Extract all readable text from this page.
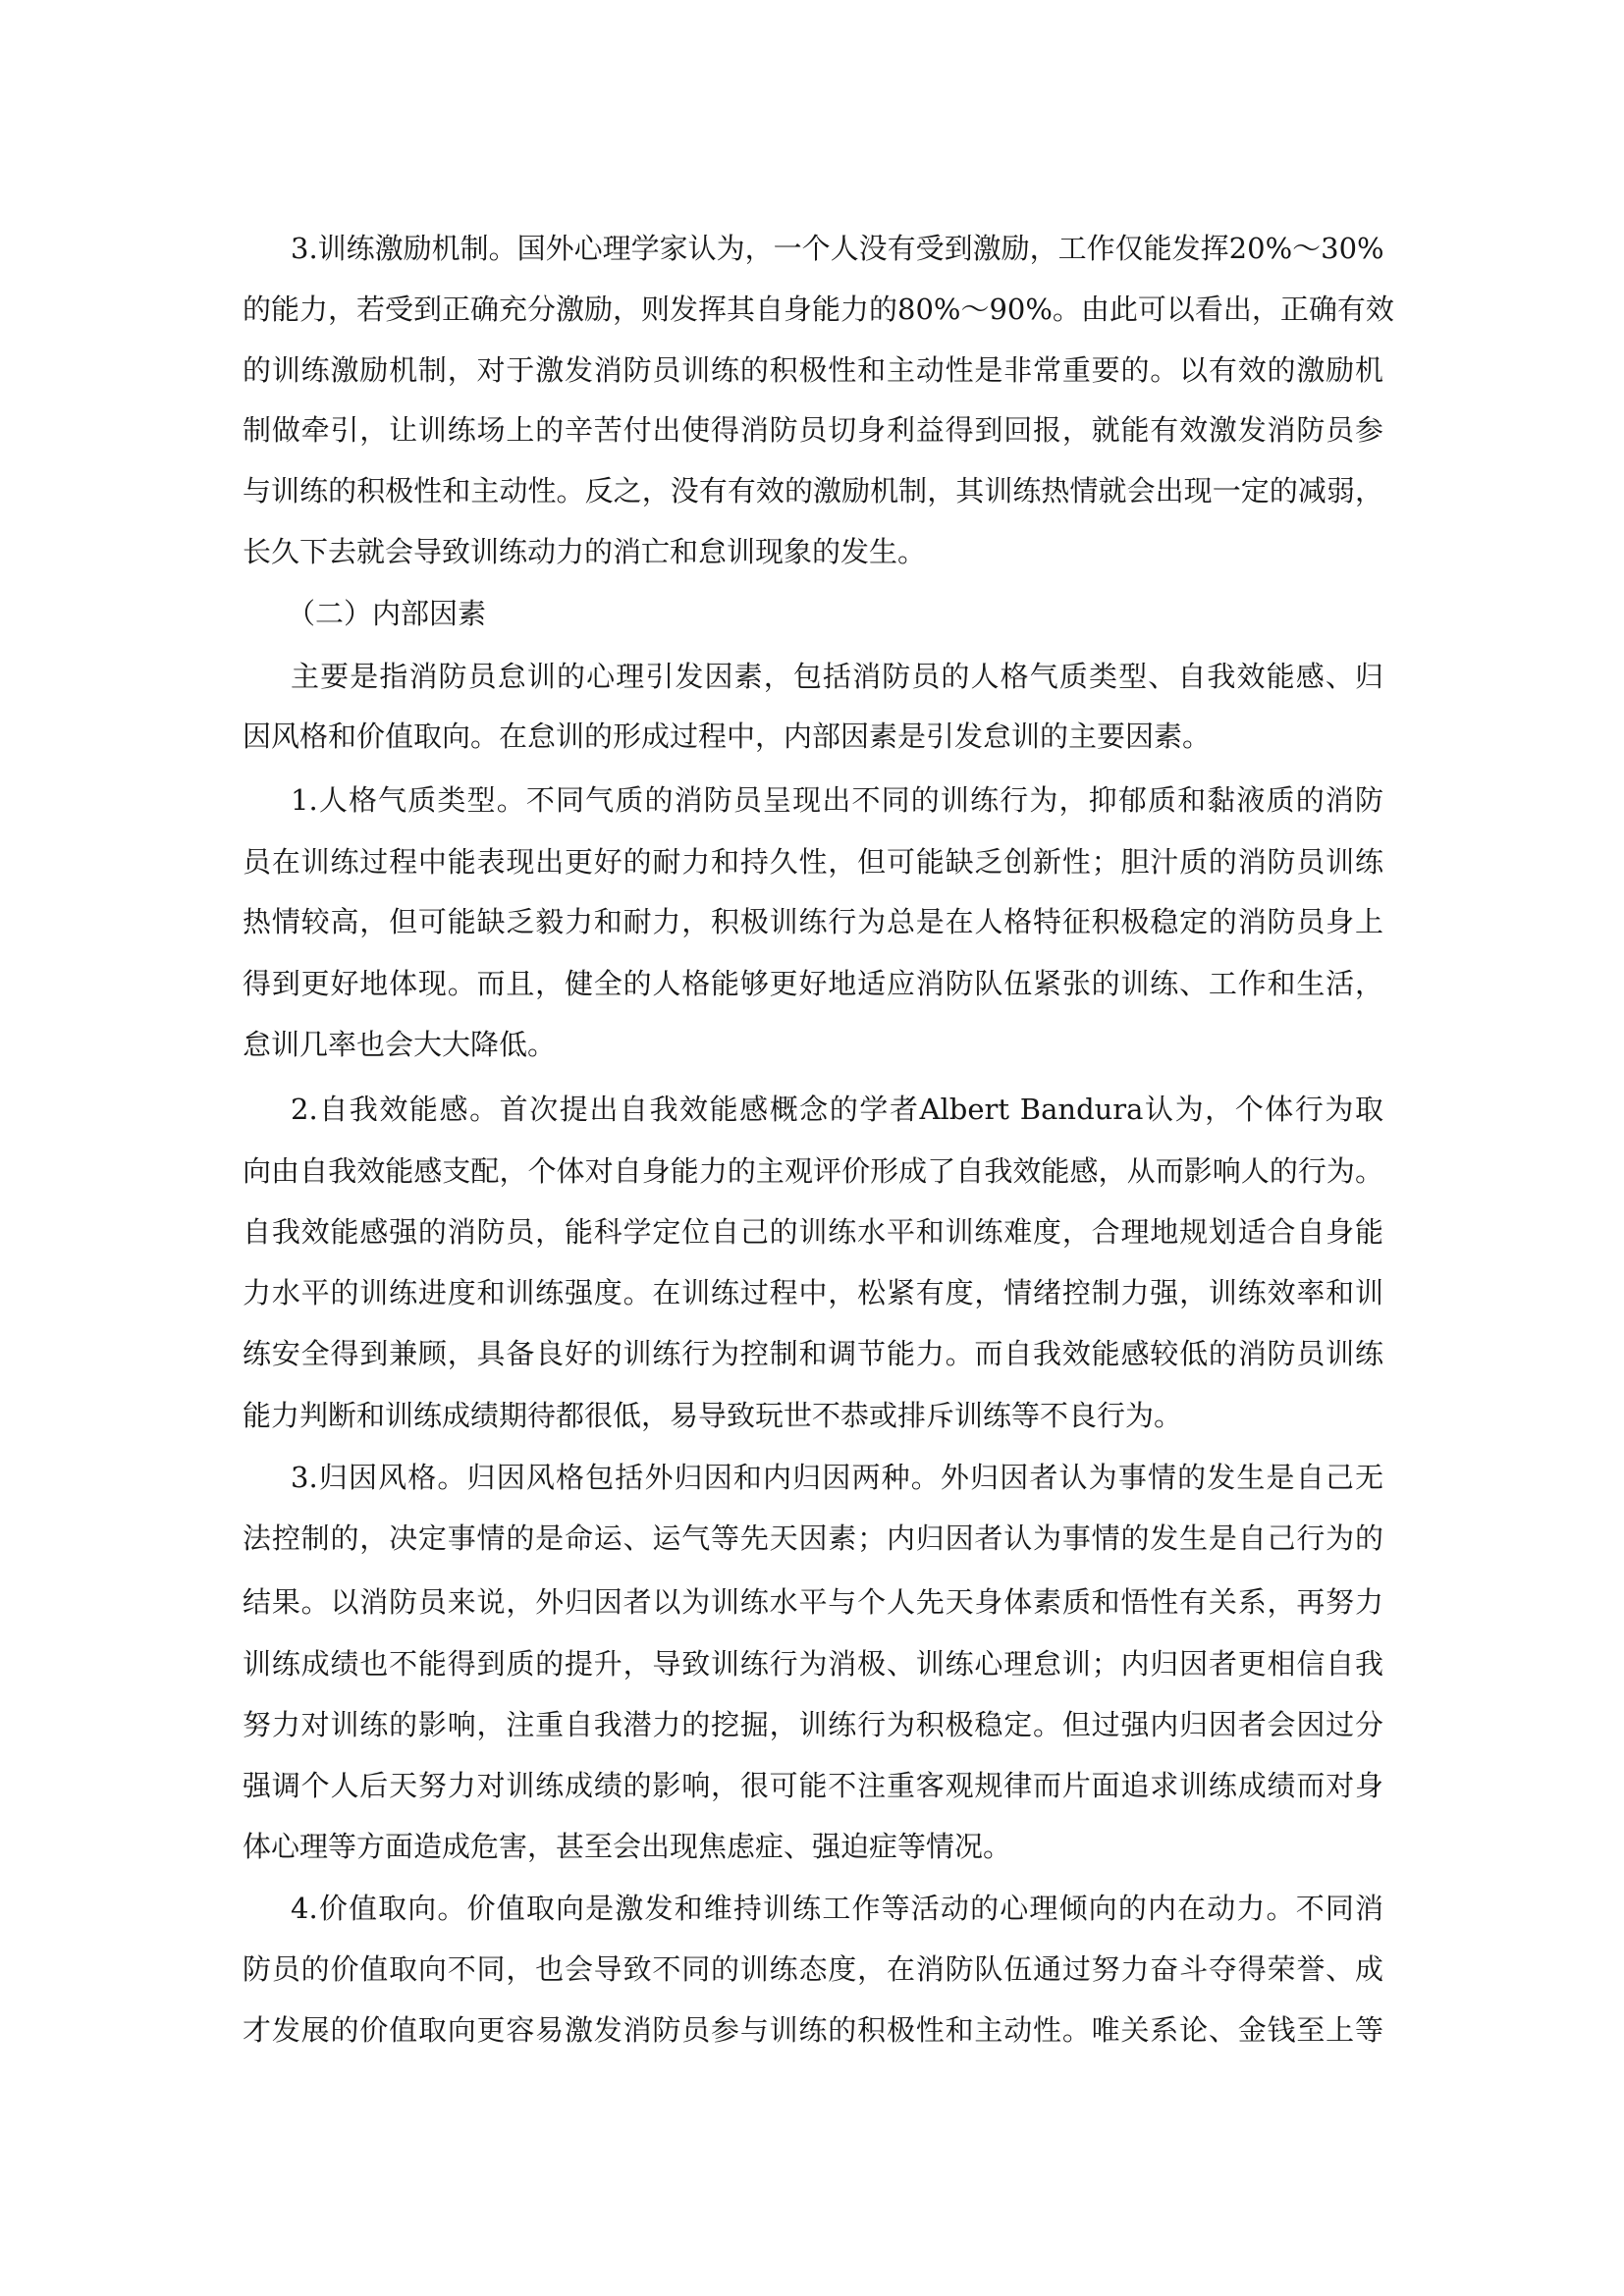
3.训练激励机制。国外心理学家认为，一个人没有受到激励，工作仅能发挥20%～30%
的能力，若受到正确充分激励，则发挥其自身能力的80%～90%。由此可以看出，正确有效
的训练激励机制，对于激发消防员训练的积极性和主动性是非常重要的。以有效的激励机
制做牵引，让训练场上的辛苦付出使得消防员切身利益得到回报，就能有效激发消防员参
与训练的积极性和主动性。反之，没有有效的激励机制，其训练热情就会出现一定的减弱，
长久下去就会导致训练动力的消亡和怠训现象的发生。
（二）内部因素
主要是指消防员怠训的心理引发因素，包括消防员的人格气质类型、自我效能感、归
因风格和价值取向。在怠训的形成过程中，内部因素是引发怠训的主要因素。
1.人格气质类型。不同气质的消防员呈现出不同的训练行为，抑郁质和黏液质的消防
员在训练过程中能表现出更好的耐力和持久性，但可能缺乏创新性；胆汁质的消防员训练
热情较高，但可能缺乏毅力和耐力，积极训练行为总是在人格特征积极稳定的消防员身上
得到更好地体现。而且，健全的人格能够更好地适应消防队伍紧张的训练、工作和生活，
怠训几率也会大大降低。
2.自我效能感。首次提出自我效能感概念的学者Albert Bandura认为，个体行为取
向由自我效能感支配，个体对自身能力的主观评价形成了自我效能感，从而影响人的行为。
自我效能感强的消防员，能科学定位自己的训练水平和训练难度，合理地规划适合自身能
力水平的训练进度和训练强度。在训练过程中，松紧有度，情绪控制力强，训练效率和训
练安全得到兼顾，具备良好的训练行为控制和调节能力。而自我效能感较低的消防员训练
能力判断和训练成绩期待都很低，易导致玩世不恭或排斥训练等不良行为。
3.归因风格。归因风格包括外归因和内归因两种。外归因者认为事情的发生是自己无
法控制的，决定事情的是命运、运气等先天因素；内归因者认为事情的发生是自己行为的
结果。以消防员来说，外归因者以为训练水平与个人先天身体素质和悟性有关系，再努力
训练成绩也不能得到质的提升，导致训练行为消极、训练心理怠训；内归因者更相信自我
努力对训练的影响，注重自我潜力的挖掘，训练行为积极稳定。但过强内归因者会因过分
强调个人后天努力对训练成绩的影响，很可能不注重客观规律而片面追求训练成绩而对身
体心理等方面造成危害，甚至会出现焦虑症、强迫症等情况。
4.价值取向。价值取向是激发和维持训练工作等活动的心理倾向的内在动力。不同消
防员的价值取向不同，也会导致不同的训练态度，在消防队伍通过努力奋斗夺得荣誉、成
才发展的价值取向更容易激发消防员参与训练的积极性和主动性。唯关系论、金钱至上等
